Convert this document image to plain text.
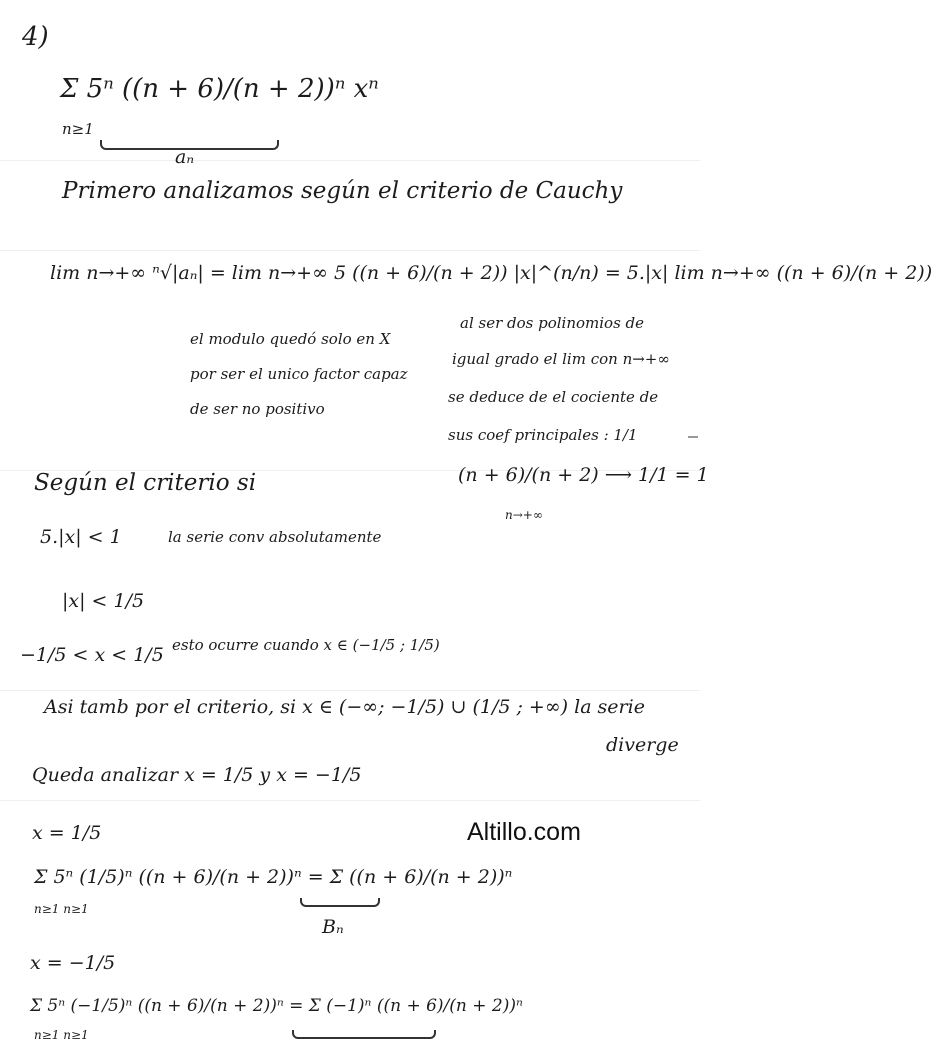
4)
Σ 5ⁿ ((n + 6)/(n + 2))ⁿ xⁿ
n≥1
aₙ
Primero analizamos según el criterio de Cauchy
lim n→+∞ ⁿ√|aₙ| = lim n→+∞ 5 ((n + 6)/(n + 2)) |x|^(n/n) = 5.|x| lim n→+∞ ((n + 6)/(n + 2))
el modulo quedó solo en X
por ser el unico factor capaz
de ser no positivo
al ser dos polinomios de
igual grado el lim con n→+∞
se deduce de el cociente de
sus coef principales : 1/1
-
Según el criterio si	(n + 6)/(n + 2) ⟶ 1/1 = 1
n→+∞
5.|x| < 1	la serie conv absolutamente
|x| < 1/5
−1/5 < x < 1/5 esto ocurre cuando x ∈ (−1/5 ; 1/5)
Asi tamb por el criterio, si x ∈ (−∞; −1/5) ∪ (1/5 ; +∞) la serie
diverge
Queda analizar x = 1/5 y x = −1/5
x = 1/5	Altillo.com
Σ 5ⁿ (1/5)ⁿ ((n + 6)/(n + 2))ⁿ = Σ ((n + 6)/(n + 2))ⁿ
n≥1 n≥1
Bₙ
x = −1/5
Σ 5ⁿ (−1/5)ⁿ ((n + 6)/(n + 2))ⁿ = Σ (−1)ⁿ ((n + 6)/(n + 2))ⁿ
n≥1 n≥1
